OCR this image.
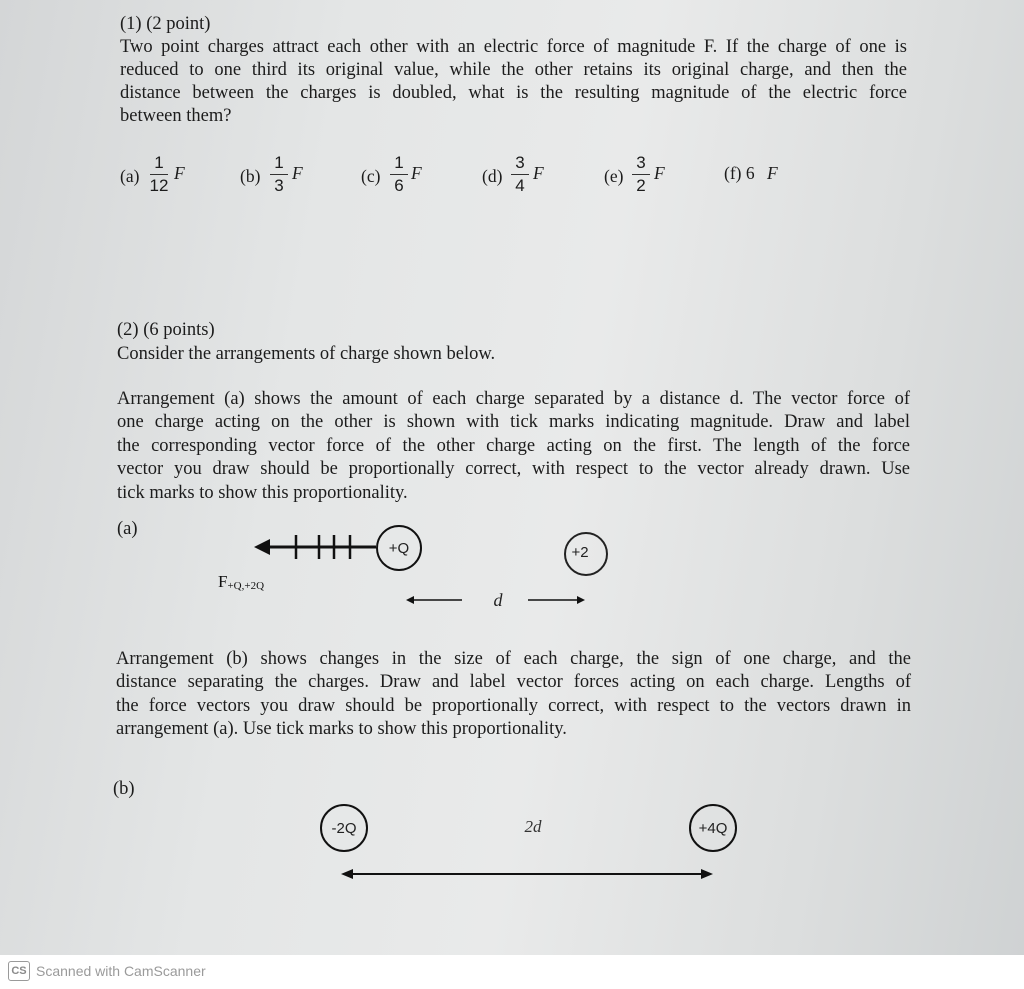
(1) (2 point)
Two point charges attract each other with an electric force of magnitude F. If the charge of one is
reduced to one third its original value, while the other retains its original charge, and then the
distance between the charges is doubled, what is the resulting magnitude of the electric force
between them?
(a)
1
12
F	(b)
1
3
F	(c)
1
6
F	(d)
3
4
F	(e)
3
2
F	(f) 6 F
(2) (6 points)
Consider the arrangements of charge shown below.
Arrangement (a) shows the amount of each charge separated by a distance d. The vector force of
one charge acting on the other is shown with tick marks indicating magnitude. Draw and label
the corresponding vector force of the other charge acting on the first. The length of the force
vector you draw should be proportionally correct, with respect to the vector already drawn. Use
tick marks to show this proportionality.
(a)
+Q	+2
F+Q,+2Q
d
Arrangement (b) shows changes in the size of each charge, the sign of one charge, and the
distance separating the charges. Draw and label vector forces acting on each charge. Lengths of
the force vectors you draw should be proportionally correct, with respect to the vectors drawn in
arrangement (a). Use tick marks to show this proportionality.
(b)
-2Q	2d	+4Q
CS Scanned with CamScanner
